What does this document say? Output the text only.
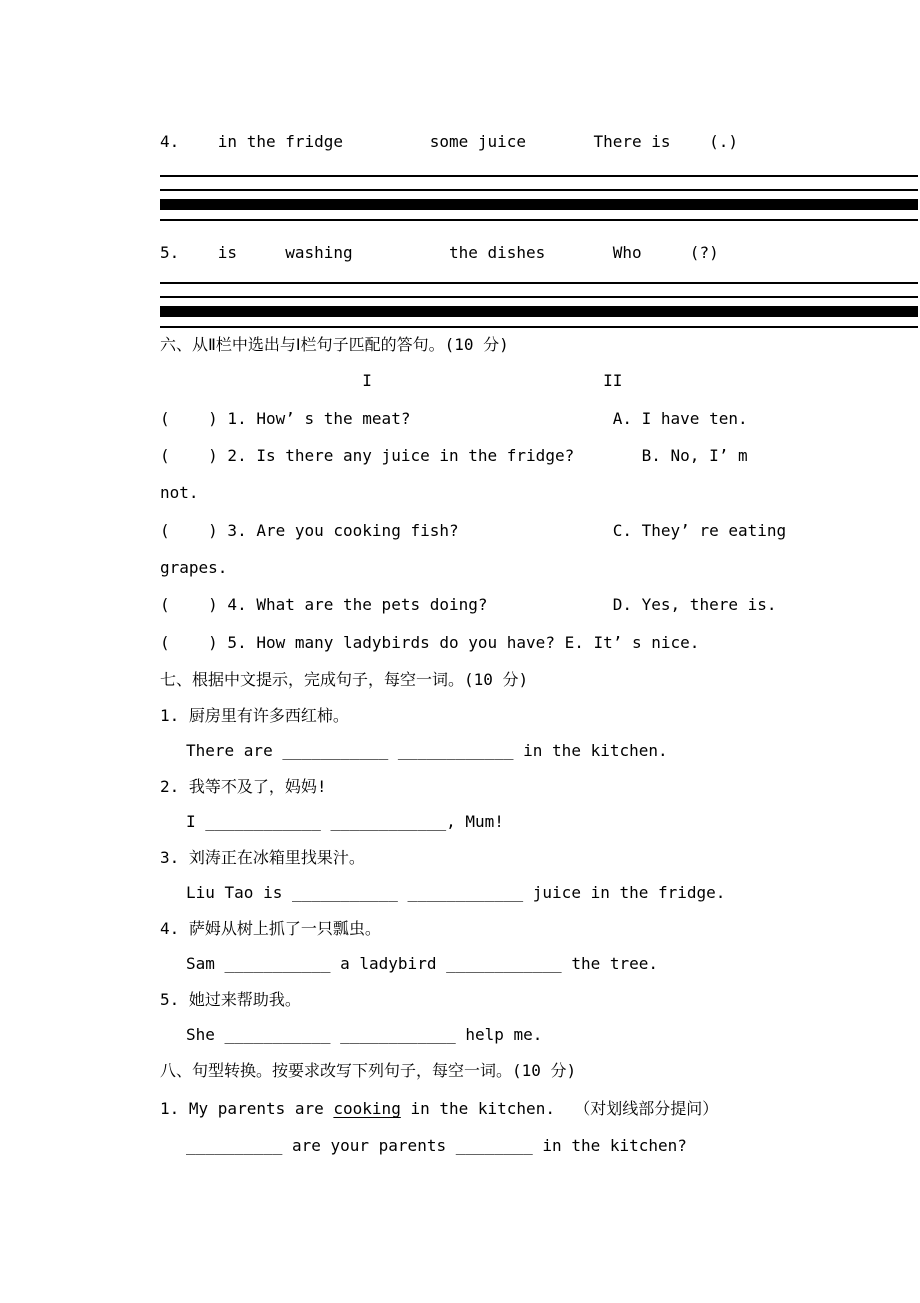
4.    in the fridge         some juice       There is    (.)
5.    is     washing          the dishes       Who     (?)
六、从Ⅱ栏中选出与Ⅰ栏句子匹配的答句。(10 分)
I                        II
(    ) 1. How’ s the meat?                     A. I have ten.
(    ) 2. Is there any juice in the fridge?       B. No, I’ m
not.
(    ) 3. Are you cooking fish?                C. They’ re eating
grapes.
(    ) 4. What are the pets doing?             D. Yes, there is.
(    ) 5. How many ladybirds do you have? E. It’ s nice.
七、根据中文提示，完成句子，每空一词。(10 分)
1. 厨房里有许多西红柿。
There are ___________ ____________ in the kitchen.
2. 我等不及了，妈妈!
I ____________ ____________, Mum!
3. 刘涛正在冰箱里找果汁。
Liu Tao is ___________ ____________ juice in the fridge.
4. 萨姆从树上抓了一只瓢虫。
Sam ___________ a ladybird ____________ the tree.
5. 她过来帮助我。
She ___________ ____________ help me.
八、句型转换。按要求改写下列句子，每空一词。(10 分)
1. My parents are cooking in the kitchen.  （对划线部分提问）
__________ are your parents ________ in the kitchen?
